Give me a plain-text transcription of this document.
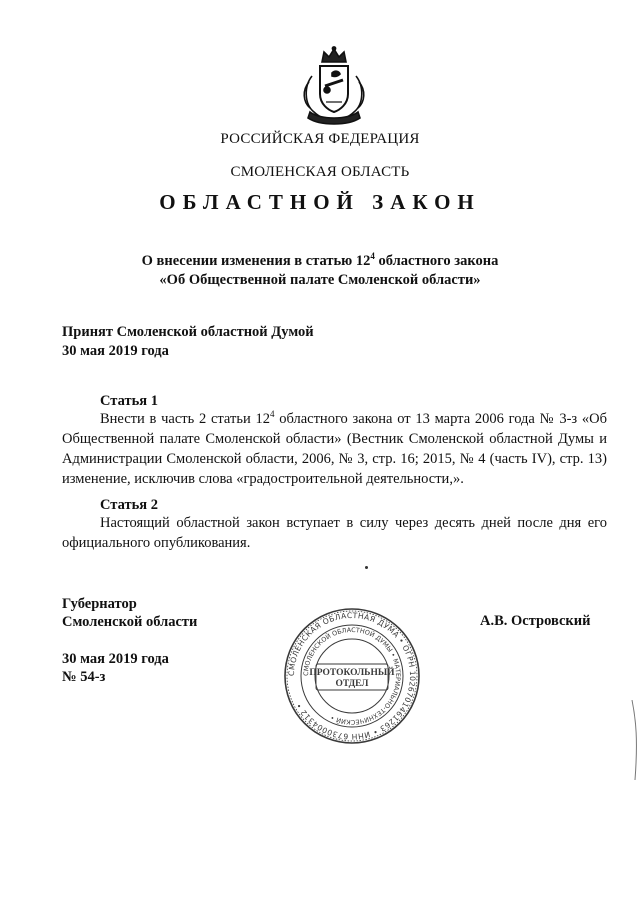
РОССИЙСКАЯ ФЕДЕРАЦИЯ
СМОЛЕНСКАЯ ОБЛАСТЬ
ОБЛАСТНОЙ ЗАКОН
О внесении изменения в статью $12^4$ областного закона
«Об Общественной палате Смоленской области»
Принят Смоленской областной Думой
30 мая 2019 года
Статья 1
Внести в часть 2 статьи $12^4$ областного закона от 13 марта 2006 года № 3-з «Об Общественной палате Смоленской области» (Вестник Смоленской областной Думы и Администрации Смоленской области, 2006, № 3, стр. 16; 2015, № 4 (часть IV), стр. 13) изменение, исключив слова «градостроительной деятельности,».
Статья 2
Настоящий областной закон вступает в силу через десять дней после дня его официального опубликования.
Губернатор
Смоленской области	А.В. Островский
30 мая 2019 года
№ 54-з	СМОЛЕНСКАЯ ОБЛАСТНАЯ ДУМА • ОГРН 1026701461263 • ИНН 6730004312 •
СМОЛЕНСКОЙ ОБЛАСТНОЙ ДУМЫ • МАТЕРИАЛЬНО-ТЕХНИЧЕСКИЙ •
ПРОТОКОЛЬНЫЙ
ОТДЕЛ
